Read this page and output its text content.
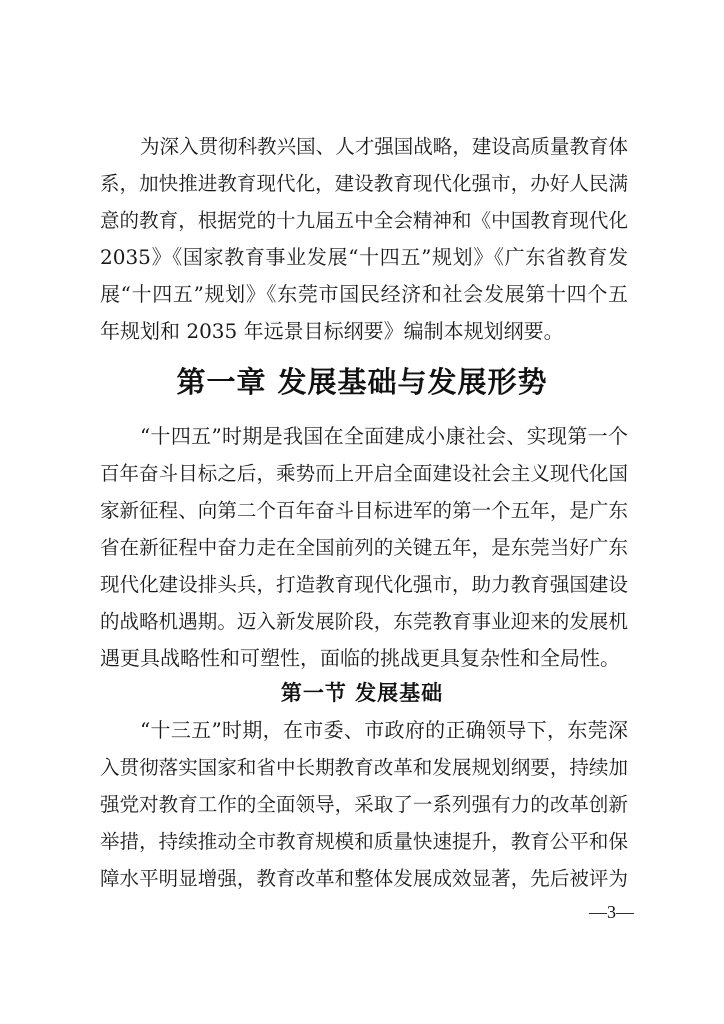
为深入贯彻科教兴国、人才强国战略，建设高质量教育体
系，加快推进教育现代化，建设教育现代化强市，办好人民满
意的教育，根据党的十九届五中全会精神和《中国教育现代化
2035》《国家教育事业发展“十四五”规划》《广东省教育发
展“十四五”规划》《东莞市国民经济和社会发展第十四个五
年规划和 2035 年远景目标纲要》编制本规划纲要。
第一章 发展基础与发展形势
“十四五”时期是我国在全面建成小康社会、实现第一个
百年奋斗目标之后，乘势而上开启全面建设社会主义现代化国
家新征程、向第二个百年奋斗目标进军的第一个五年，是广东
省在新征程中奋力走在全国前列的关键五年，是东莞当好广东
现代化建设排头兵，打造教育现代化强市，助力教育强国建设
的战略机遇期。迈入新发展阶段，东莞教育事业迎来的发展机
遇更具战略性和可塑性，面临的挑战更具复杂性和全局性。
第一节 发展基础
“十三五”时期，在市委、市政府的正确领导下，东莞深
入贯彻落实国家和省中长期教育改革和发展规划纲要，持续加
强党对教育工作的全面领导，采取了一系列强有力的改革创新
举措，持续推动全市教育规模和质量快速提升，教育公平和保
障水平明显增强，教育改革和整体发展成效显著，先后被评为
—3—
